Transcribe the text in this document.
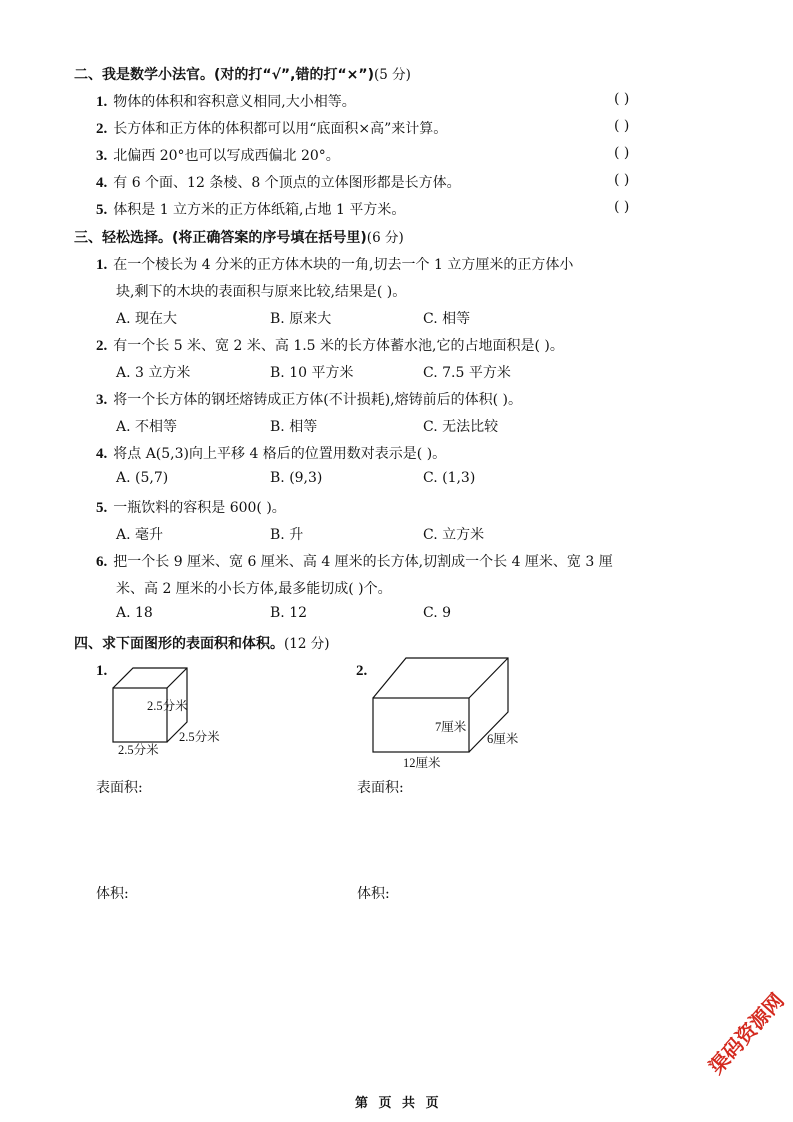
二、我是数学小法官。(对的打“√”,错的打“×”)(5 分)
1. 物体的体积和容积意义相同,大小相等。	( )
2. 长方体和正方体的体积都可以用“底面积×高”来计算。	( )
3. 北偏西 20°也可以写成西偏北 20°。	( )
4. 有 6 个面、12 条棱、8 个顶点的立体图形都是长方体。	( )
5. 体积是 1 立方米的正方体纸箱,占地 1 平方米。	( )
三、轻松选择。(将正确答案的序号填在括号里)(6 分)
1. 在一个棱长为 4 分米的正方体木块的一角,切去一个 1 立方厘米的正方体小
块,剩下的木块的表面积与原来比较,结果是( )。
A. 现在大	B. 原来大	C. 相等
2. 有一个长 5 米、宽 2 米、高 1.5 米的长方体蓄水池,它的占地面积是( )。
A. 3 立方米	B. 10 平方米	C. 7.5 平方米
3. 将一个长方体的钢坯熔铸成正方体(不计损耗),熔铸前后的体积( )。
A. 不相等	B. 相等	C. 无法比较
4. 将点 A(5,3)向上平移 4 格后的位置用数对表示是( )。
A. (5,7)	B. (9,3)	C. (1,3)
5. 一瓶饮料的容积是 600( )。
A. 毫升	B. 升	C. 立方米
6. 把一个长 9 厘米、宽 6 厘米、高 4 厘米的长方体,切割成一个长 4 厘米、宽 3 厘
米、高 2 厘米的小长方体,最多能切成( )个。
A. 18	B. 12	C. 9
四、求下面图形的表面积和体积。(12 分)
1.
2.5分米
2.5分米
2.5分米
2.
7厘米
6厘米
12厘米
表面积:	表面积:
体积:	体积:
渠码资源网
第 页 共 页
